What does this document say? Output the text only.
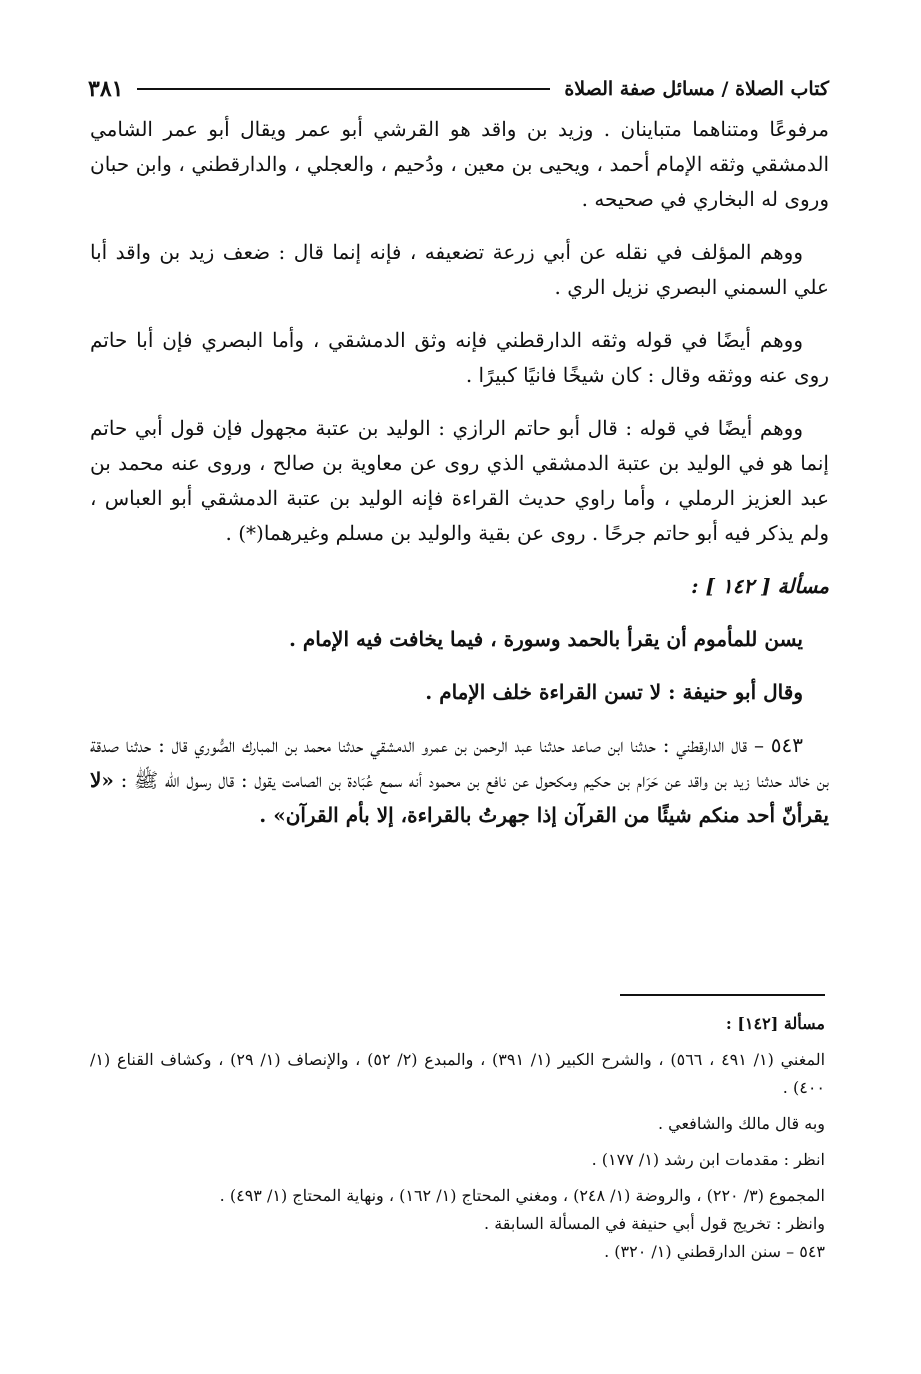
كتاب الصلاة / مسائل صفة الصلاة
٣٨١

مرفوعًا ومتناهما متباينان . وزيد بن واقد هو القرشي أبو عمر ويقال أبو عمر الشامي الدمشقي وثقه الإمام أحمد ، ويحيى بن معين ، ودُحيم ، والعجلي ، والدارقطني ، وابن حبان وروى له البخاري في صحيحه .

ووهم المؤلف في نقله عن أبي زرعة تضعيفه ، فإنه إنما قال : ضعف زيد بن واقد أبا علي السمني البصري نزيل الري .

ووهم أيضًا في قوله وثقه الدارقطني فإنه وثق الدمشقي ، وأما البصري فإن أبا حاتم روى عنه ووثقه وقال : كان شيخًا فانيًا كبيرًا .

ووهم أيضًا في قوله : قال أبو حاتم الرازي : الوليد بن عتبة مجهول فإن قول أبي حاتم إنما هو في الوليد بن عتبة الدمشقي الذي روى عن معاوية بن صالح ، وروى عنه محمد بن عبد العزيز الرملي ، وأما راوي حديث القراءة فإنه الوليد بن عتبة الدمشقي أبو العباس ، ولم يذكر فيه أبو حاتم جرحًا . روى عن بقية والوليد بن مسلم وغيرهما(*) .

مسألة [ ١٤٢ ] :

يسن للمأموم أن يقرأ بالحمد وسورة ، فيما يخافت فيه الإمام .

وقال أبو حنيفة : لا تسن القراءة خلف الإمام .

٥٤٣ – قال الدارقطني : حدثنا ابن صاعد حدثنا عبد الرحمن بن عمرو الدمشقي حدثنا محمد بن المبارك الصُّوري قال : حدثنا صدقة بن خالد حدثنا زيد بن واقد عن حَرَام بن حكيم ومكحول عن نافع بن محمود أنه سمع عُبَادة بن الصامت يقول : قال رسول الله ﷺ : «لا يقرأنّ أحد منكم شيئًا من القرآن إذا جهرتُ بالقراءة، إلا بأم القرآن» .

مسألة [١٤٢] :

المغني (١/ ٤٩١ ، ٥٦٦) ، والشرح الكبير (١/ ٣٩١) ، والمبدع (٢/ ٥٢) ، والإنصاف (١/ ٢٩) ، وكشاف القناع (١/ ٤٠٠) .

وبه قال مالك والشافعي .

انظر : مقدمات ابن رشد (١/ ١٧٧) .

المجموع (٣/ ٢٢٠) ، والروضة (١/ ٢٤٨) ، ومغني المحتاج (١/ ١٦٢) ، ونهاية المحتاج (١/ ٤٩٣) .

وانظر : تخريج قول أبي حنيفة في المسألة السابقة .

٥٤٣ – سنن الدارقطني (١/ ٣٢٠) .
